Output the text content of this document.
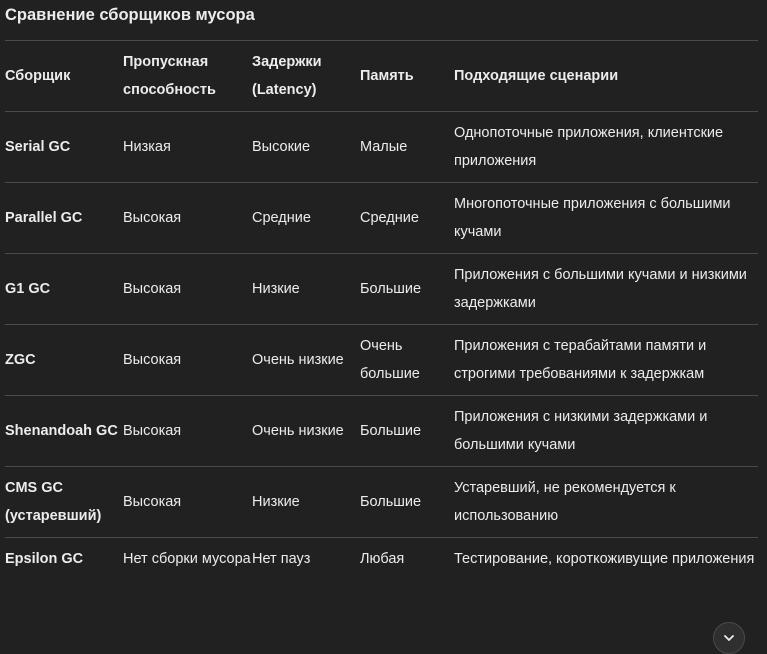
Сравнение сборщиков мусора
Сборщик	Пропускная способность	Задержки (Latency)	Память	Подходящие сценарии
Serial GC	Низкая	Высокие	Малые	Однопоточные приложения, клиентские приложения
Parallel GC	Высокая	Средние	Средние	Многопоточные приложения с большими кучами
G1 GC	Высокая	Низкие	Большие	Приложения с большими кучами и низкими задержками
ZGC	Высокая	Очень низкие	Очень большие	Приложения с терабайтами памяти и строгими требованиями к задержкам
Shenandoah GC	Высокая	Очень низкие	Большие	Приложения с низкими задержками и большими кучами
CMS GC (устаревший)	Высокая	Низкие	Большие	Устаревший, не рекомендуется к использованию
Epsilon GC	Нет сборки мусора	Нет пауз	Любая	Тестирование, короткоживущие приложения
